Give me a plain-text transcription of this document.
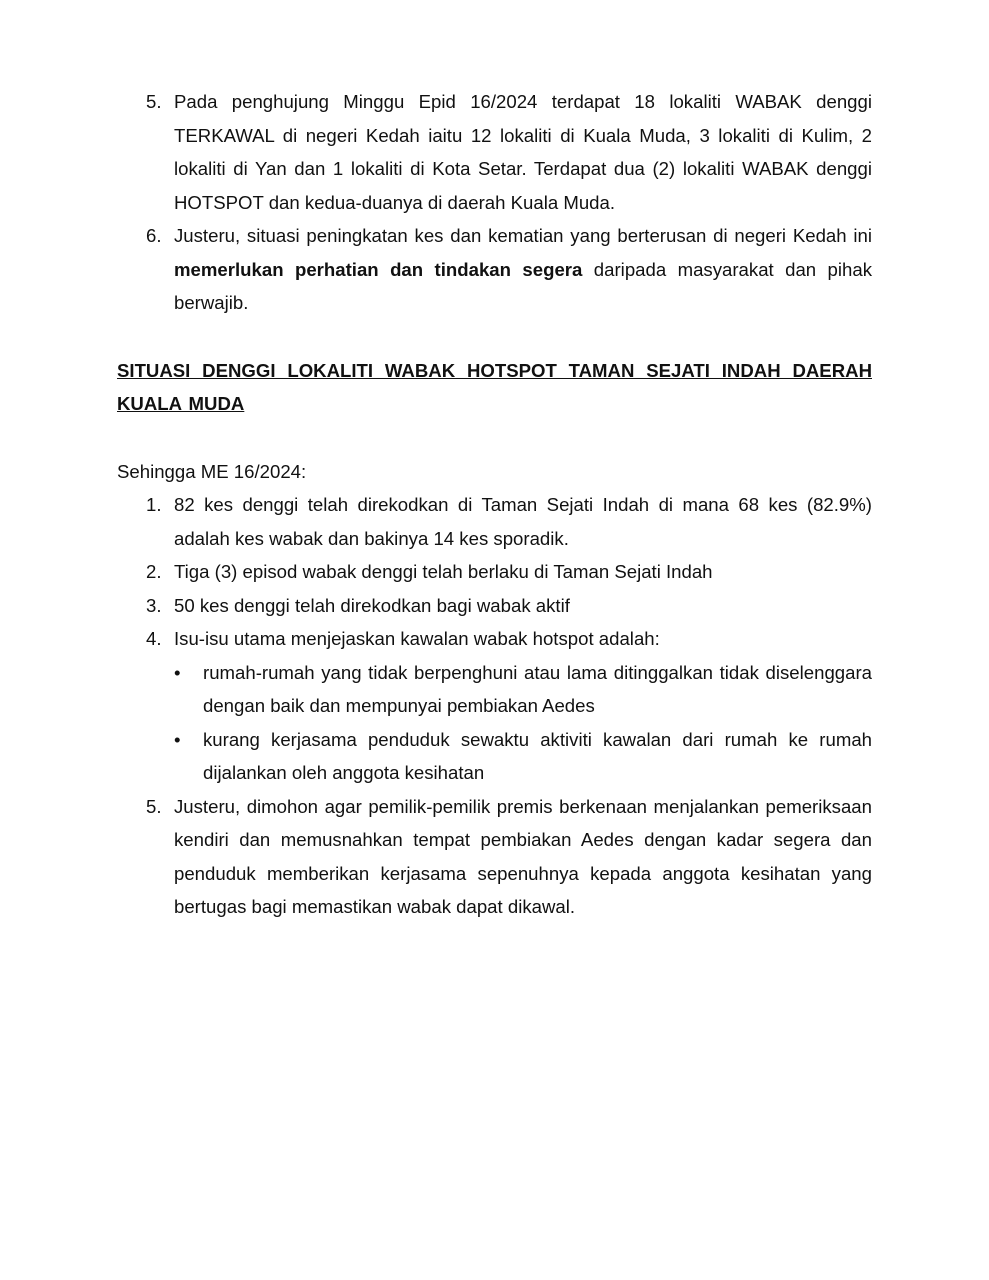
5. Pada penghujung Minggu Epid 16/2024 terdapat 18 lokaliti WABAK denggi TERKAWAL di negeri Kedah iaitu 12 lokaliti di Kuala Muda, 3 lokaliti di Kulim, 2 lokaliti di Yan dan 1 lokaliti di Kota Setar. Terdapat dua (2) lokaliti WABAK denggi HOTSPOT dan kedua-duanya di daerah Kuala Muda.
6. Justeru, situasi peningkatan kes dan kematian yang berterusan di negeri Kedah ini memerlukan perhatian dan tindakan segera daripada masyarakat dan pihak berwajib.
SITUASI DENGGI LOKALITI WABAK HOTSPOT TAMAN SEJATI INDAH DAERAH KUALA MUDA
Sehingga ME 16/2024:
1. 82 kes denggi telah direkodkan di Taman Sejati Indah di mana 68 kes (82.9%) adalah kes wabak dan bakinya 14 kes sporadik.
2. Tiga (3) episod wabak denggi telah berlaku di Taman Sejati Indah
3. 50 kes denggi telah direkodkan bagi wabak aktif
4. Isu-isu utama menjejaskan kawalan wabak hotspot adalah:
• rumah-rumah yang tidak berpenghuni atau lama ditinggalkan tidak diselenggara dengan baik dan mempunyai pembiakan Aedes
• kurang kerjasama penduduk sewaktu aktiviti kawalan dari rumah ke rumah dijalankan oleh anggota kesihatan
5. Justeru, dimohon agar pemilik-pemilik premis berkenaan menjalankan pemeriksaan kendiri dan memusnahkan tempat pembiakan Aedes dengan kadar segera dan penduduk memberikan kerjasama sepenuhnya kepada anggota kesihatan yang bertugas bagi memastikan wabak dapat dikawal.
